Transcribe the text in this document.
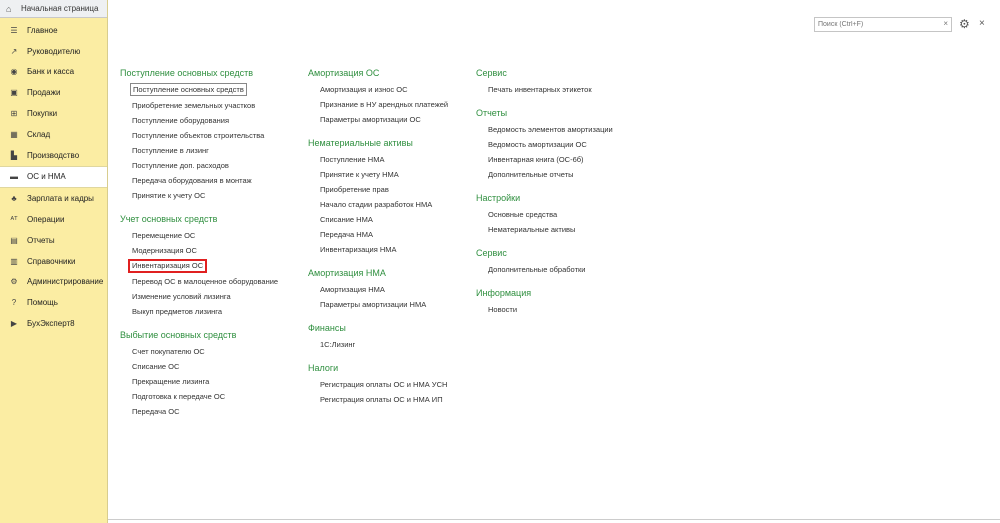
⌂	Начальная страница
☰ Главное
↗ Руководителю
◉ Банк и касса
▣ Продажи
⊞ Покупки
▦ Склад
▙ Производство
▬ ОС и НМА
♣ Зарплата и кадры
ᴬᵀ Операции
▤ Отчеты
▥ Справочники
⚙ Администрирование
?	Помощь
▶ БухЭксперт8
Поиск (Ctrl+F)
× ⚙ ×
Поступление основных средств
Поступление основных средств
Приобретение земельных участков
Поступление оборудования
Поступление объектов строительства
Поступление в лизинг
Поступление доп. расходов
Передача оборудования в монтаж
Принятие к учету ОС
Учет основных средств
Перемещение ОС
Модернизация ОС
Инвентаризация ОС
Перевод ОС в малоценное оборудование
Изменение условий лизинга
Выкуп предметов лизинга
Выбытие основных средств
Счет покупателю ОС
Списание ОС
Прекращение лизинга
Подготовка к передаче ОС
Передача ОС
Амортизация ОС
Амортизация и износ ОС
Признание в НУ арендных платежей
Параметры амортизации ОС
Нематериальные активы
Поступление НМА
Принятие к учету НМА
Приобретение прав
Начало стадии разработок НМА
Списание НМА
Передача НМА
Инвентаризация НМА
Амортизация НМА
Амортизация НМА
Параметры амортизации НМА
Финансы
1С:Лизинг
Налоги
Регистрация оплаты ОС и НМА УСН
Регистрация оплаты ОС и НМА ИП
Сервис
Печать инвентарных этикеток
Отчеты
Ведомость элементов амортизации
Ведомость амортизации ОС
Инвентарная книга (ОС-6б)
Дополнительные отчеты
Настройки
Основные средства
Нематериальные активы
Сервис
Дополнительные обработки
Информация
Новости
